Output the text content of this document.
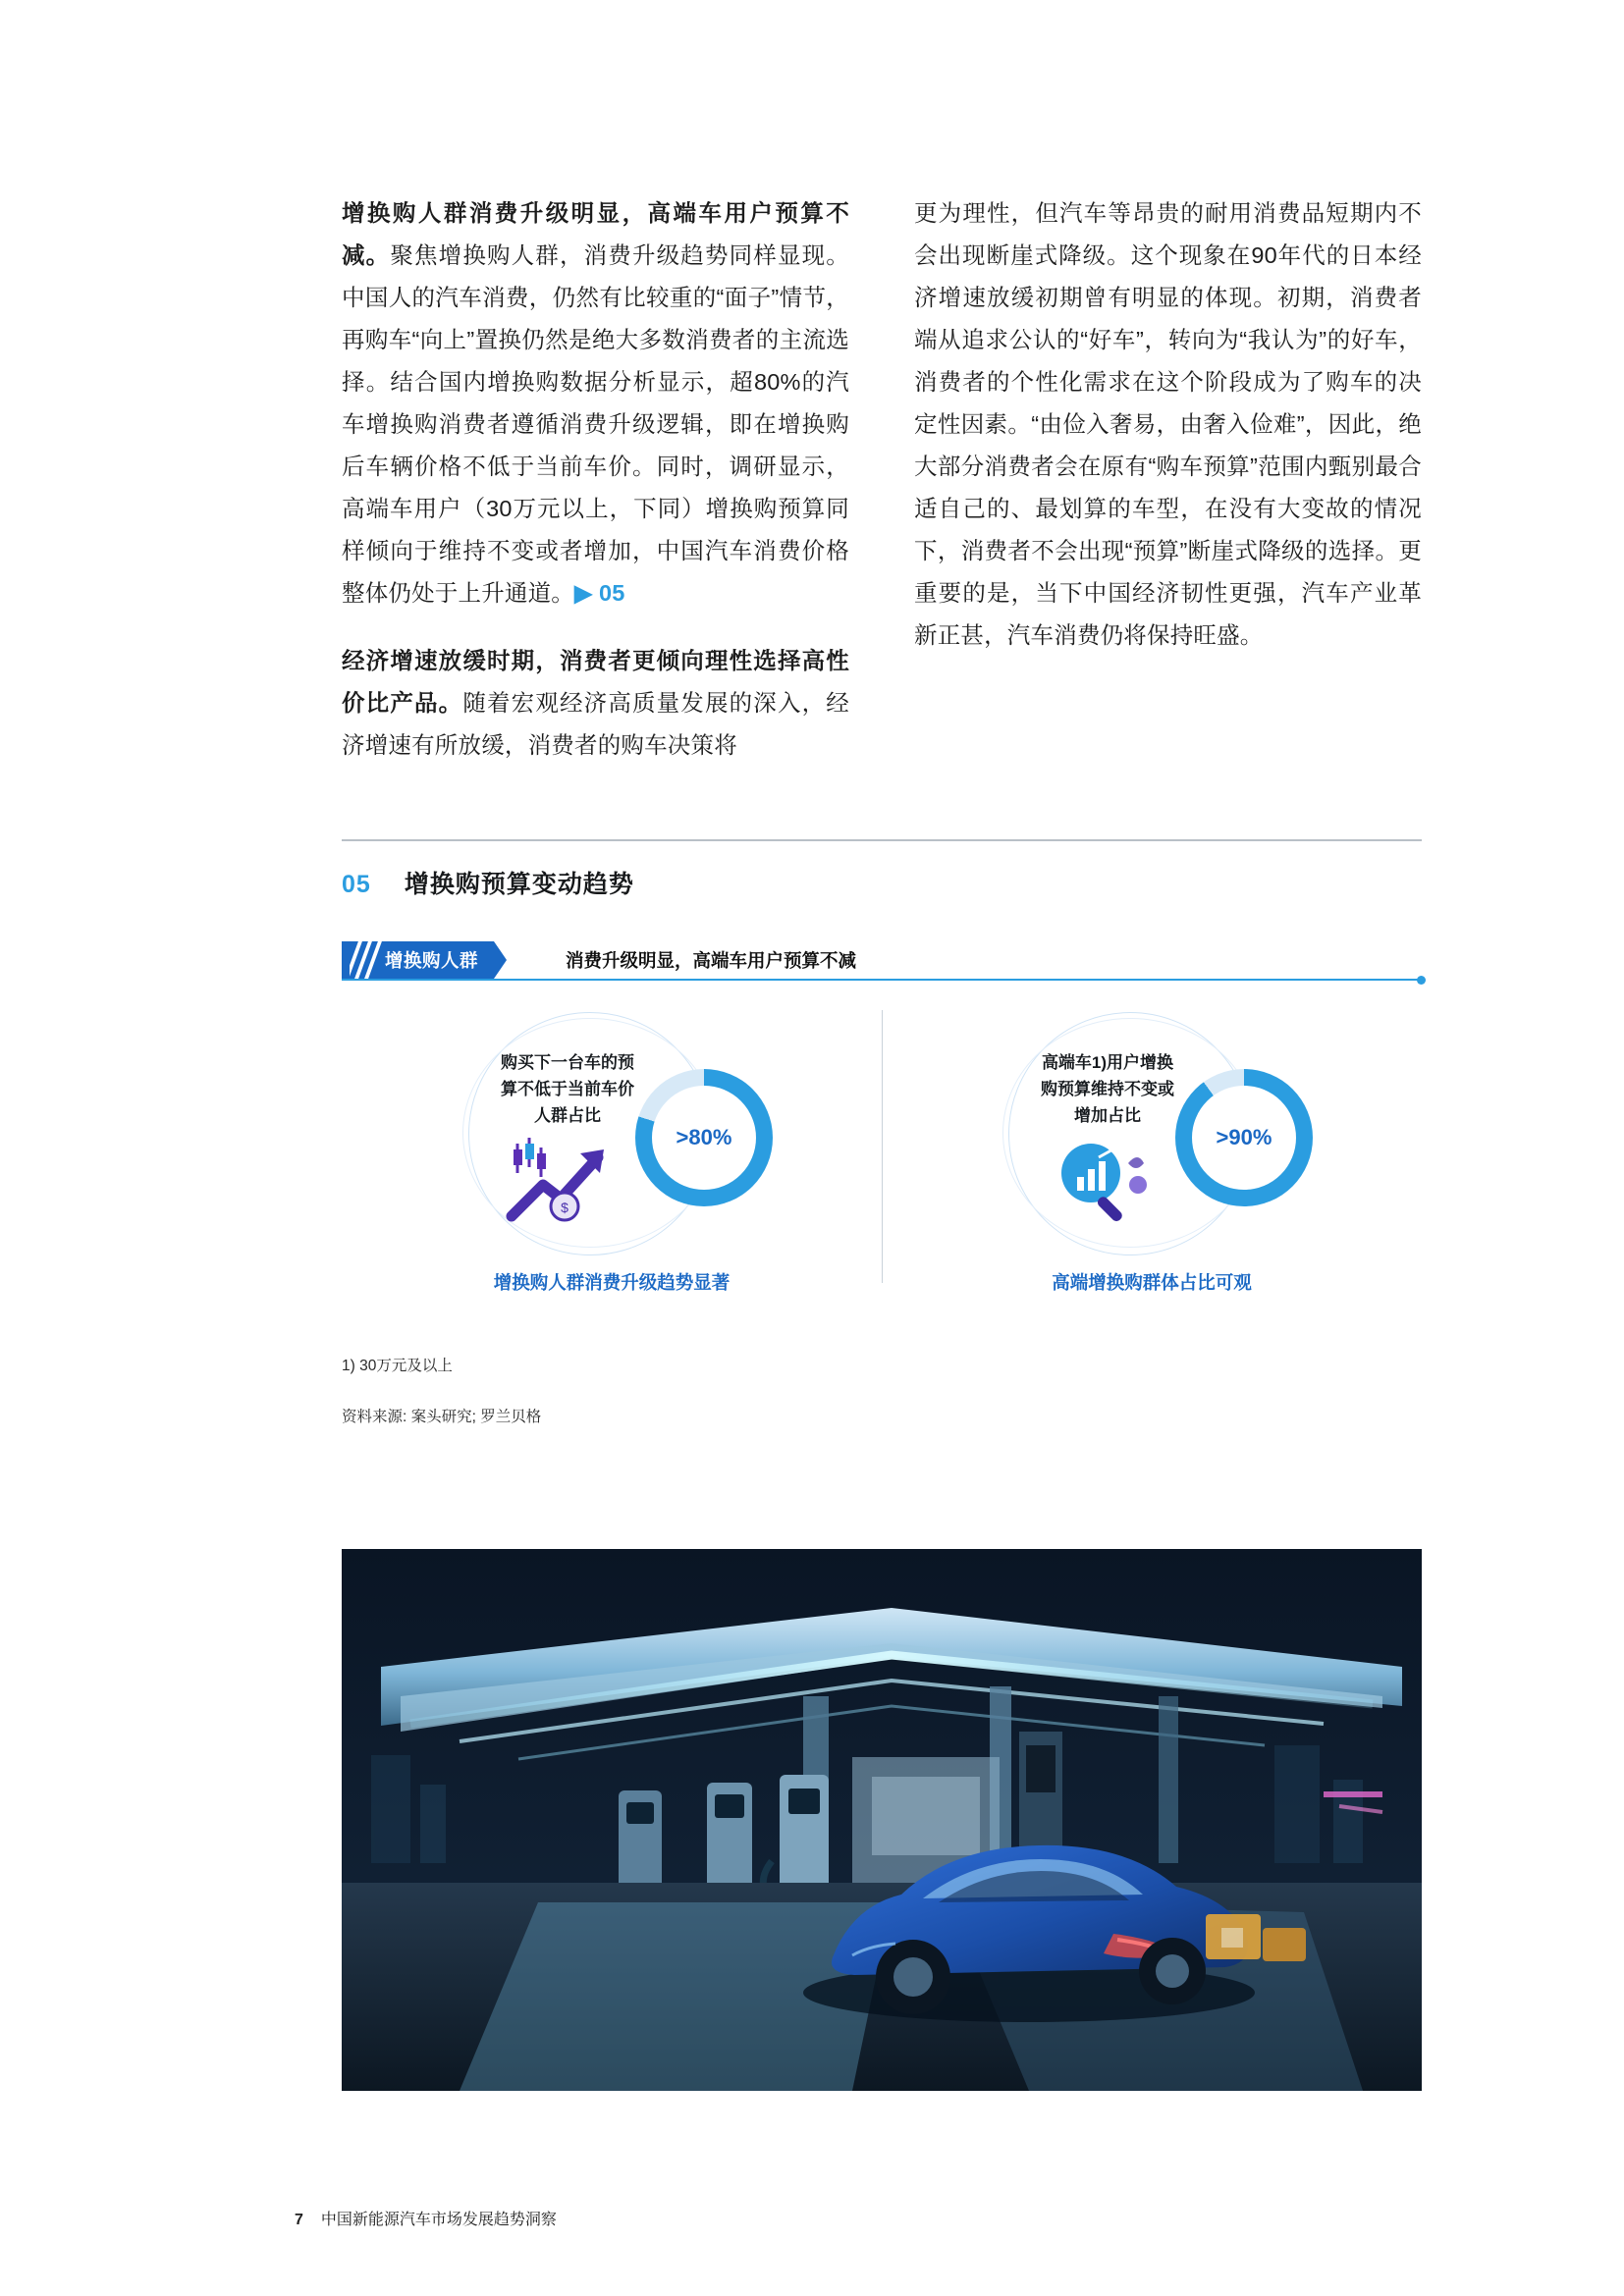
增换购人群消费升级明显，高端车用户预算不减。聚焦增换购人群，消费升级趋势同样显现。中国人的汽车消费，仍然有比较重的“面子”情节，再购车“向上”置换仍然是绝大多数消费者的主流选择。结合国内增换购数据分析显示，超80%的汽车增换购消费者遵循消费升级逻辑，即在增换购后车辆价格不低于当前车价。同时，调研显示，高端车用户（30万元以上，下同）增换购预算同样倾向于维持不变或者增加，中国汽车消费价格整体仍处于上升通道。▶ 05

经济增速放缓时期，消费者更倾向理性选择高性价比产品。随着宏观经济高质量发展的深入，经济增速有所放缓，消费者的购车决策将

更为理性，但汽车等昂贵的耐用消费品短期内不会出现断崖式降级。这个现象在90年代的日本经济增速放缓初期曾有明显的体现。初期，消费者端从追求公认的“好车”，转向为“我认为”的好车，消费者的个性化需求在这个阶段成为了购车的决定性因素。“由俭入奢易，由奢入俭难”，因此，绝大部分消费者会在原有“购车预算”范围内甄别最合适自己的、最划算的车型，在没有大变故的情况下，消费者不会出现“预算”断崖式降级的选择。更重要的是，当下中国经济韧性更强，汽车产业革新正甚，汽车消费仍将保持旺盛。

05 增换购预算变动趋势
增换购人群	消费升级明显，高端车用户预算不减
购买下一台车的预算不低于当前车价人群占比
$
>80%
增换购人群消费升级趋势显著
高端车1)用户增换购预算维持不变或增加占比
>90%
高端增换购群体占比可观
1) 30万元及以上
资料来源: 案头研究; 罗兰贝格
7 中国新能源汽车市场发展趋势洞察
